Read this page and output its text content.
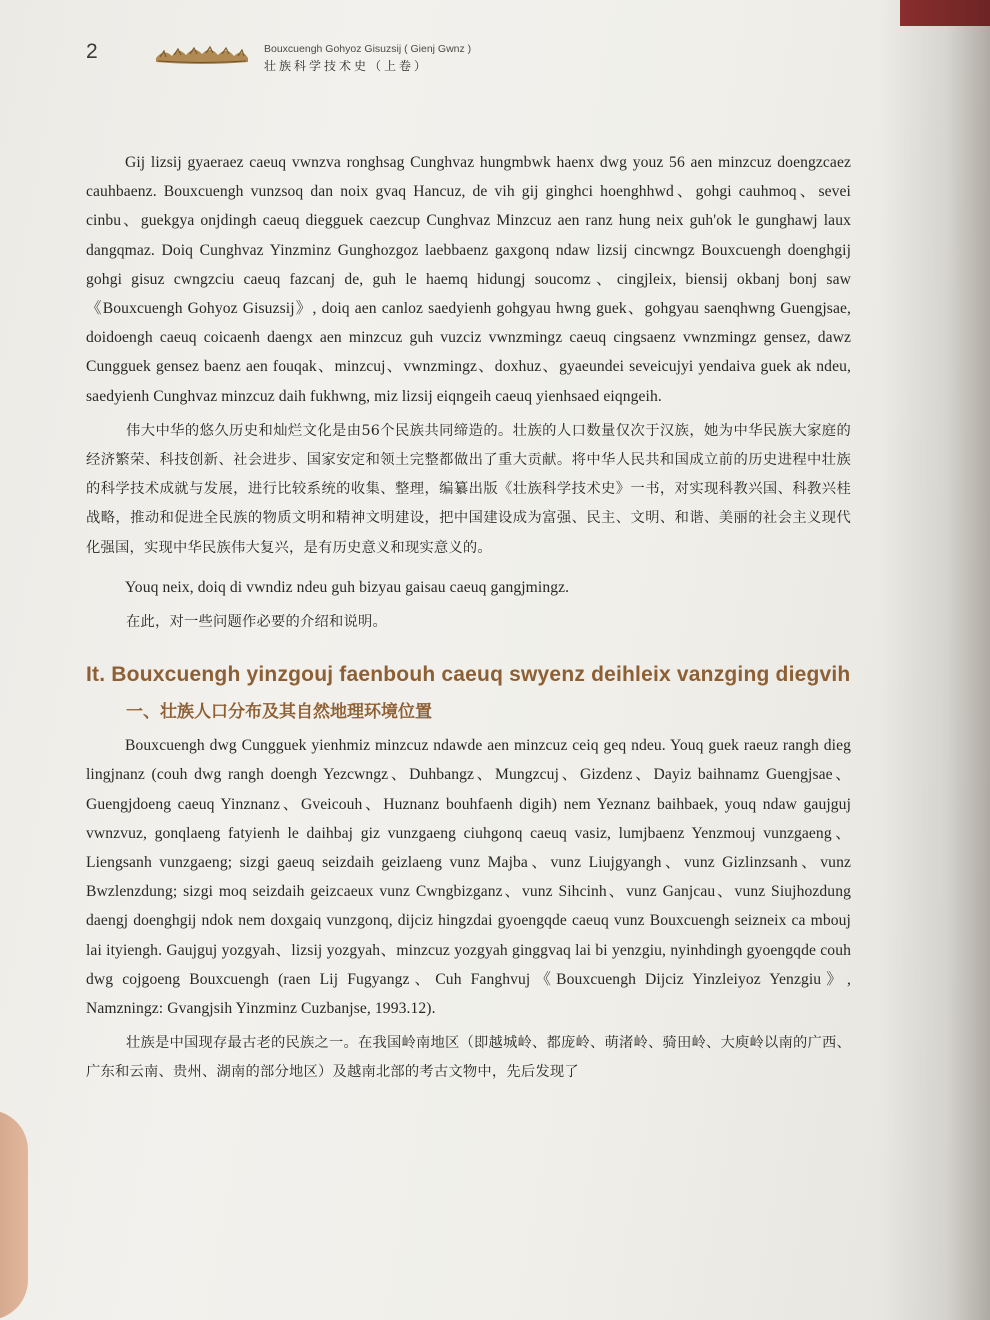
2	Bouxcuengh Gohyoz Gisuzsij ( Gienj Gwnz )
壮族科学技术史（上卷）

Gij lizsij gyaeraez caeuq vwnzva ronghsag Cunghvaz hungmbwk haenx dwg youz 56 aen minzcuz doengzcaez cauhbaenz. Bouxcuengh vunzsoq dan noix gvaq Hancuz, de vih gij ginghci hoenghhwd、gohgi cauhmoq、sevei cinbu、guekgya onjdingh caeuq diegguek caezcup Cunghvaz Minzcuz aen ranz hung neix guh'ok le gunghawj laux dangqmaz. Doiq Cunghvaz Yinzminz Gunghozgoz laebbaenz gaxgonq ndaw lizsij cincwngz Bouxcuengh doenghgij gohgi gisuz cwngzciu caeuq fazcanj de, guh le haemq hidungj soucomz、cingjleix, biensij okbanj bonj saw《Bouxcuengh Gohyoz Gisuzsij》, doiq aen canloz saedyienh gohgyau hwng guek、gohgyau saenqhwng Guengjsae, doidoengh caeuq coicaenh daengx aen minzcuz guh vuzciz vwnzmingz caeuq cingsaenz vwnzmingz gensez, dawz Cungguek gensez baenz aen fouqak、minzcuj、vwnzmingz、doxhuz、gyaeundei seveicujyi yendaiva guek ak ndeu, saedyienh Cunghvaz minzcuz daih fukhwng, miz lizsij eiqngeih caeuq yienhsaed eiqngeih.

伟大中华的悠久历史和灿烂文化是由56个民族共同缔造的。壮族的人口数量仅次于汉族，她为中华民族大家庭的经济繁荣、科技创新、社会进步、国家安定和领土完整都做出了重大贡献。将中华人民共和国成立前的历史进程中壮族的科学技术成就与发展，进行比较系统的收集、整理，编纂出版《壮族科学技术史》一书，对实现科教兴国、科教兴桂战略，推动和促进全民族的物质文明和精神文明建设，把中国建设成为富强、民主、文明、和谐、美丽的社会主义现代化强国，实现中华民族伟大复兴，是有历史意义和现实意义的。

Youq neix, doiq di vwndiz ndeu guh bizyau gaisau caeuq gangjmingz.

在此，对一些问题作必要的介绍和说明。

It. Bouxcuengh yinzgouj faenbouh caeuq swyenz deihleix vanzging diegvih
一、壮族人口分布及其自然地理环境位置

Bouxcuengh dwg Cungguek yienhmiz minzcuz ndawde aen minzcuz ceiq geq ndeu. Youq guek raeuz rangh dieg lingjnanz (couh dwg rangh doengh Yezcwngz、Duhbangz、Mungzcuj、Gizdenz、Dayiz baihnamz Guengjsae、Guengjdoeng caeuq Yinznanz、Gveicouh、Huznanz bouhfaenh digih) nem Yeznanz baihbaek, youq ndaw gaujguj vwnzvuz, gonqlaeng fatyienh le daihbaj giz vunzgaeng ciuhgonq caeuq vasiz, lumjbaenz Yenzmouj vunzgaeng、Liengsanh vunzgaeng; sizgi gaeuq seizdaih geizlaeng vunz Majba、vunz Liujgyangh、vunz Gizlinzsanh、vunz Bwzlenzdung; sizgi moq seizdaih geizcaeux vunz Cwngbizganz、vunz Sihcinh、vunz Ganjcau、vunz Siujhozdung daengj doenghgij ndok nem doxgaiq vunzgonq, dijciz hingzdai gyoengqde caeuq vunz Bouxcuengh seizneix ca mbouj lai ityiengh. Gaujguj yozgyah、lizsij yozgyah、minzcuz yozgyah ginggvaq lai bi yenzgiu, nyinhdingh gyoengqde couh dwg cojgoeng Bouxcuengh (raen Lij Fugyangz、Cuh Fanghvuj《Bouxcuengh Dijciz Yinzleiyoz Yenzgiu》, Namzningz: Gvangjsih Yinzminz Cuzbanjse, 1993.12).

壮族是中国现存最古老的民族之一。在我国岭南地区（即越城岭、都庞岭、萌渚岭、骑田岭、大庾岭以南的广西、广东和云南、贵州、湖南的部分地区）及越南北部的考古文物中，先后发现了
